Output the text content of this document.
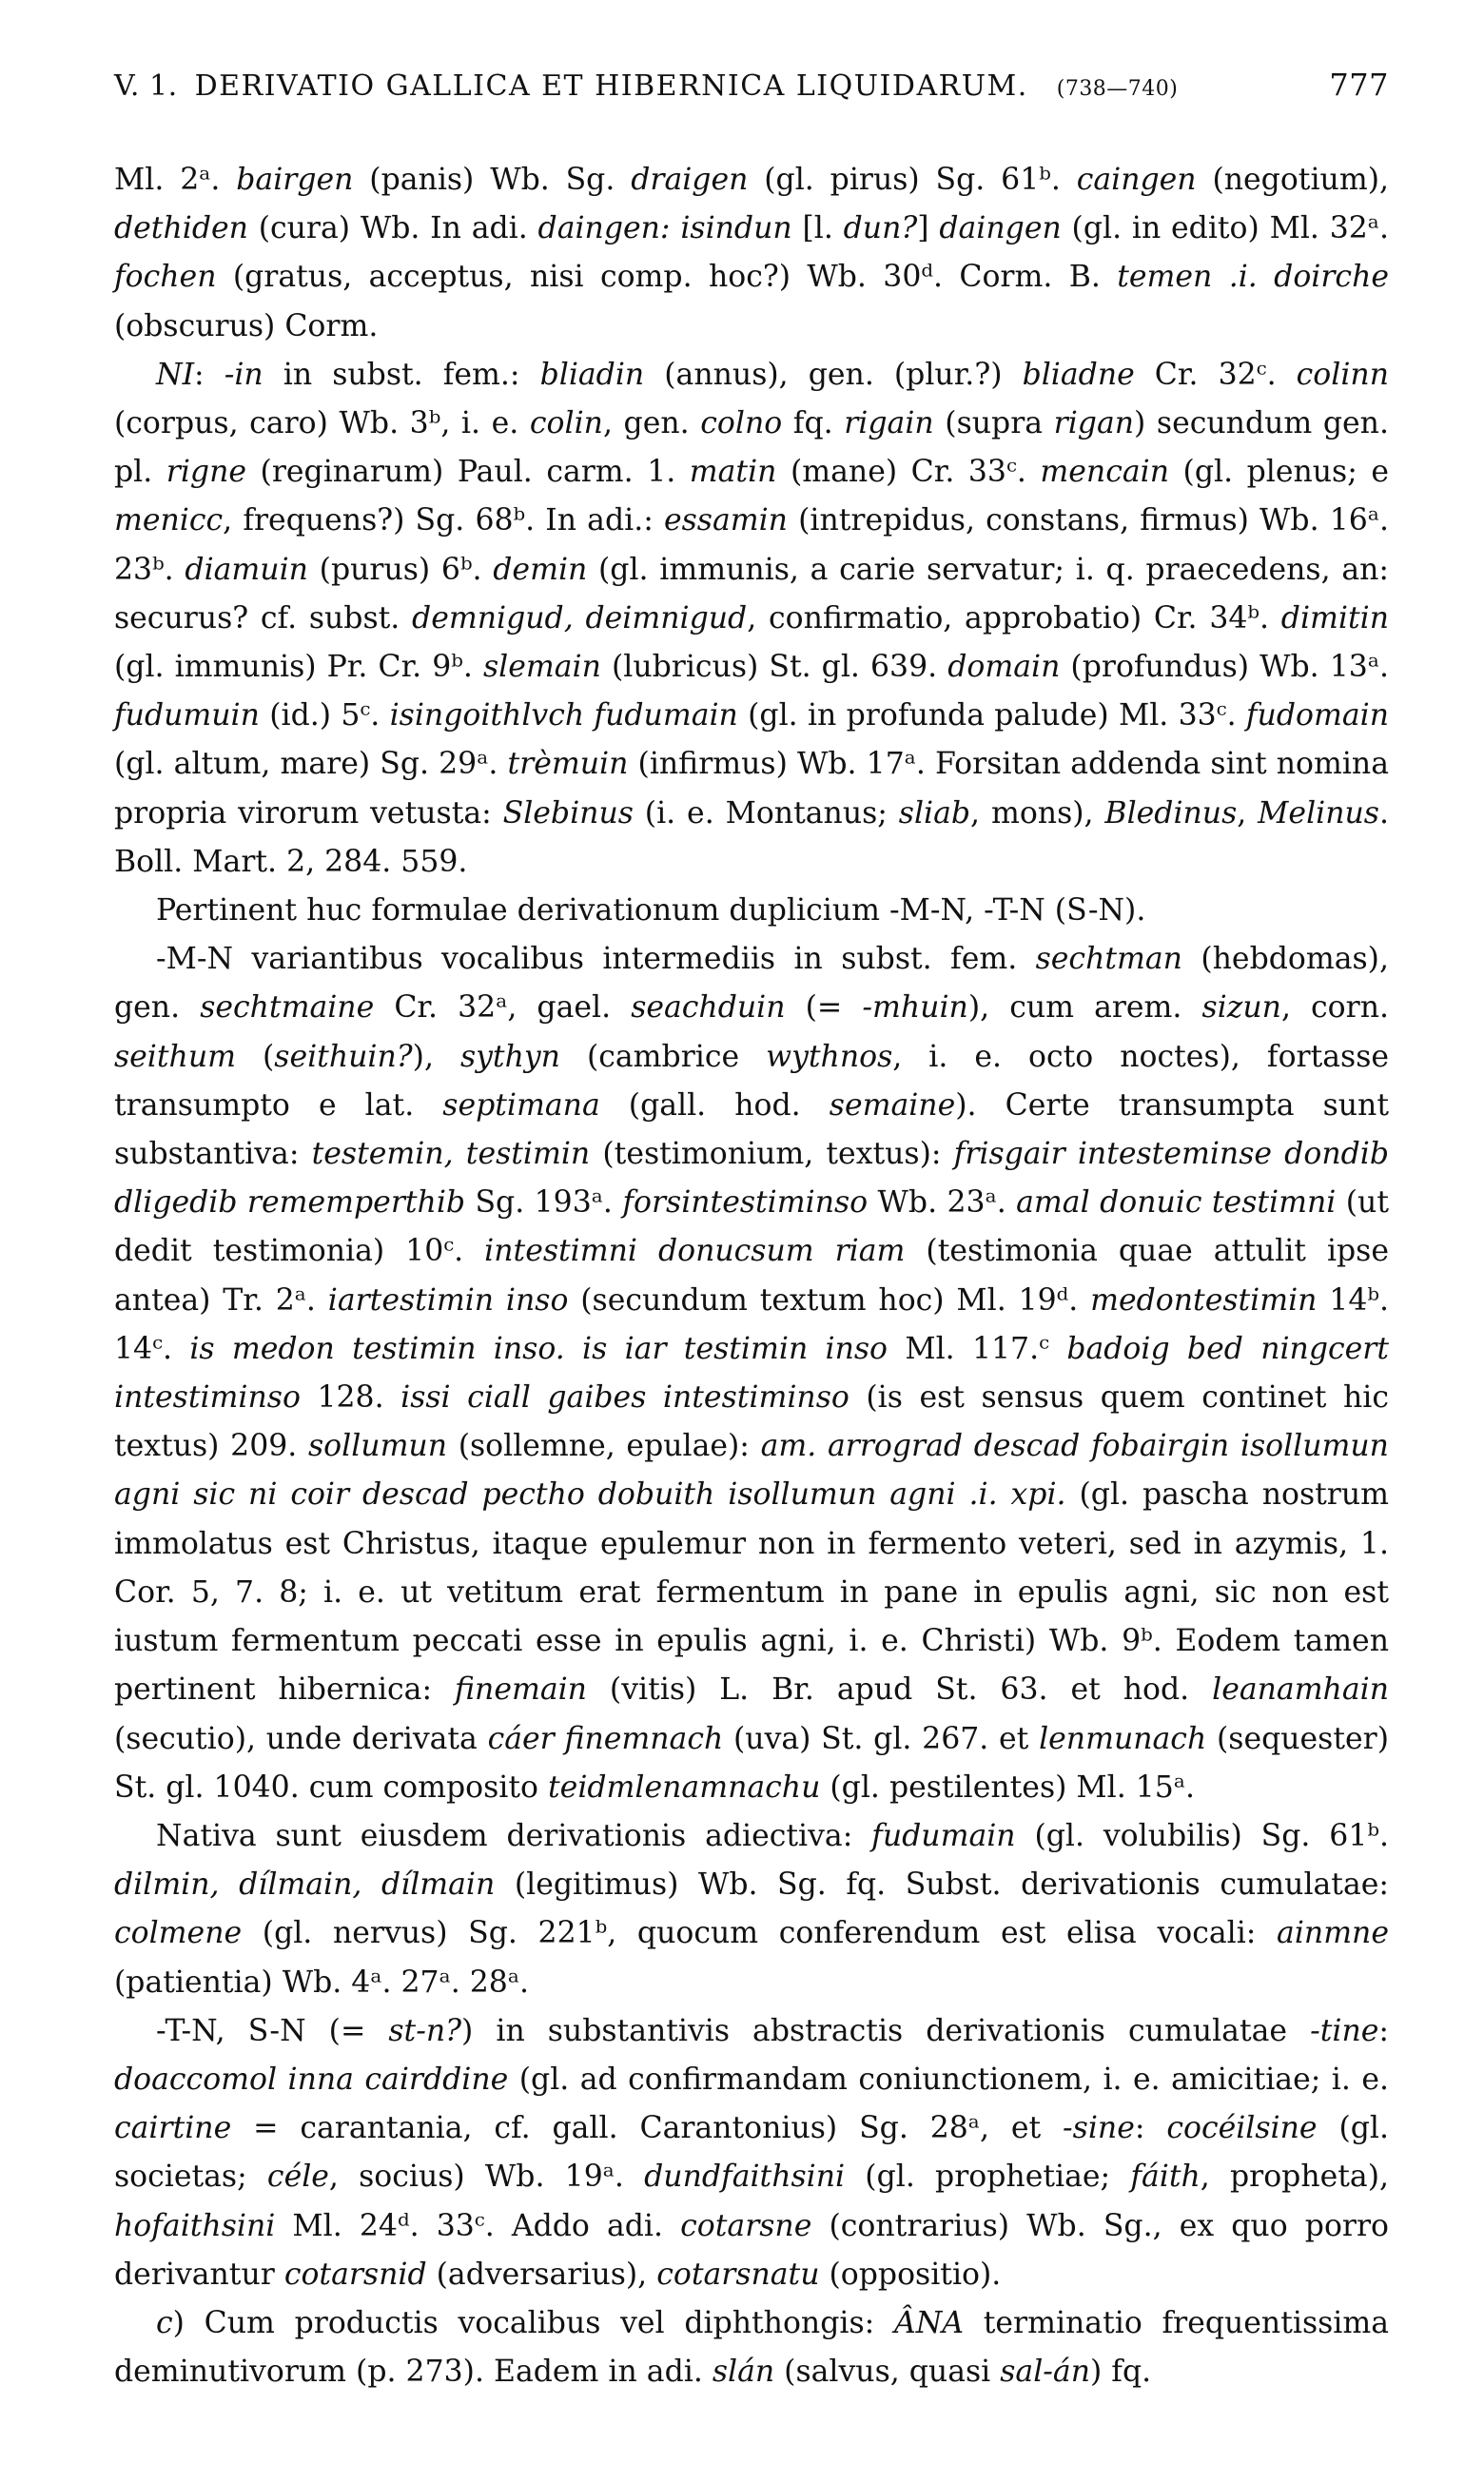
V. 1. DERIVATIO GALLICA ET HIBERNICA LIQUIDARUM. (738—740)	777

Ml. 2ᵃ. bairgen (panis) Wb. Sg. draigen (gl. pirus) Sg. 61ᵇ. caingen (negotium), dethiden (cura) Wb. In adi. daingen: isindun [l. dun?] daingen (gl. in edito) Ml. 32ᵃ. fochen (gratus, acceptus, nisi comp. hoc?) Wb. 30ᵈ. Corm. B. temen .i. doirche (obscurus) Corm.

NI: -in in subst. fem.: bliadin (annus), gen. (plur.?) bliadne Cr. 32ᶜ. colinn (corpus, caro) Wb. 3ᵇ, i. e. colin, gen. colno fq. rigain (supra rigan) secundum gen. pl. rigne (reginarum) Paul. carm. 1. matin (mane) Cr. 33ᶜ. mencain (gl. plenus; e menicc, frequens?) Sg. 68ᵇ. In adi.: essamin (intrepidus, constans, firmus) Wb. 16ᵃ. 23ᵇ. diamuin (purus) 6ᵇ. demin (gl. immunis, a carie servatur; i. q. praecedens, an: securus? cf. subst. demnigud, deimnigud, confirmatio, approbatio) Cr. 34ᵇ. dimitin (gl. immunis) Pr. Cr. 9ᵇ. slemain (lubricus) St. gl. 639. domain (profundus) Wb. 13ᵃ. fudumuin (id.) 5ᶜ. isingoithlvch fudumain (gl. in profunda palude) Ml. 33ᶜ. fudomain (gl. altum, mare) Sg. 29ᵃ. trèmuin (infirmus) Wb. 17ᵃ. Forsitan addenda sint nomina propria virorum vetusta: Slebinus (i. e. Montanus; sliab, mons), Bledinus, Melinus. Boll. Mart. 2, 284. 559.

Pertinent huc formulae derivationum duplicium -M-N, -T-N (S-N).

-M-N variantibus vocalibus intermediis in subst. fem. sechtman (hebdomas), gen. sechtmaine Cr. 32ᵃ, gael. seachduin (= -mhuin), cum arem. sizun, corn. seithum (seithuin?), sythyn (cambrice wythnos, i. e. octo noctes), fortasse transumpto e lat. septimana (gall. hod. semaine). Certe transumpta sunt substantiva: testemin, testimin (testimonium, textus): frisgair intesteminse dondib dligedib rememperthib Sg. 193ᵃ. forsintestiminso Wb. 23ᵃ. amal donuic testimni (ut dedit testimonia) 10ᶜ. intestimni donucsum riam (testimonia quae attulit ipse antea) Tr. 2ᵃ. iartestimin inso (secundum textum hoc) Ml. 19ᵈ. medontestimin 14ᵇ. 14ᶜ. is medon testimin inso. is iar testimin inso Ml. 117.ᶜ badoig bed ningcert intestiminso 128. issi ciall gaibes intestiminso (is est sensus quem continet hic textus) 209. sollumun (sollemne, epulae): am. arrograd descad fobairgin isollumun agni sic ni coir descad pectho dobuith isollumun agni .i. xpi. (gl. pascha nostrum immolatus est Christus, itaque epulemur non in fermento veteri, sed in azymis, 1. Cor. 5, 7. 8; i. e. ut vetitum erat fermentum in pane in epulis agni, sic non est iustum fermentum peccati esse in epulis agni, i. e. Christi) Wb. 9ᵇ. Eodem tamen pertinent hibernica: finemain (vitis) L. Br. apud St. 63. et hod. leanamhain (secutio), unde derivata cáer finemnach (uva) St. gl. 267. et lenmunach (sequester) St. gl. 1040. cum composito teidmlenamnachu (gl. pestilentes) Ml. 15ᵃ.

Nativa sunt eiusdem derivationis adiectiva: fudumain (gl. volubilis) Sg. 61ᵇ. dilmin, dílmain, dílmain (legitimus) Wb. Sg. fq. Subst. derivationis cumulatae: colmene (gl. nervus) Sg. 221ᵇ, quocum conferendum est elisa vocali: ainmne (patientia) Wb. 4ᵃ. 27ᵃ. 28ᵃ.

-T-N, S-N (= st-n?) in substantivis abstractis derivationis cumulatae -tine: doaccomol inna cairddine (gl. ad confirmandam coniunctionem, i. e. amicitiae; i. e. cairtine = carantania, cf. gall. Carantonius) Sg. 28ᵃ, et -sine: cocéilsine (gl. societas; céle, socius) Wb. 19ᵃ. dundfaithsini (gl. prophetiae; fáith, propheta), hofaithsini Ml. 24ᵈ. 33ᶜ. Addo adi. cotarsne (contrarius) Wb. Sg., ex quo porro derivantur cotarsnid (adversarius), cotarsnatu (oppositio).

c) Cum productis vocalibus vel diphthongis: ÂNA terminatio frequentissima deminutivorum (p. 273). Eadem in adi. slán (salvus, quasi sal-án) fq.
